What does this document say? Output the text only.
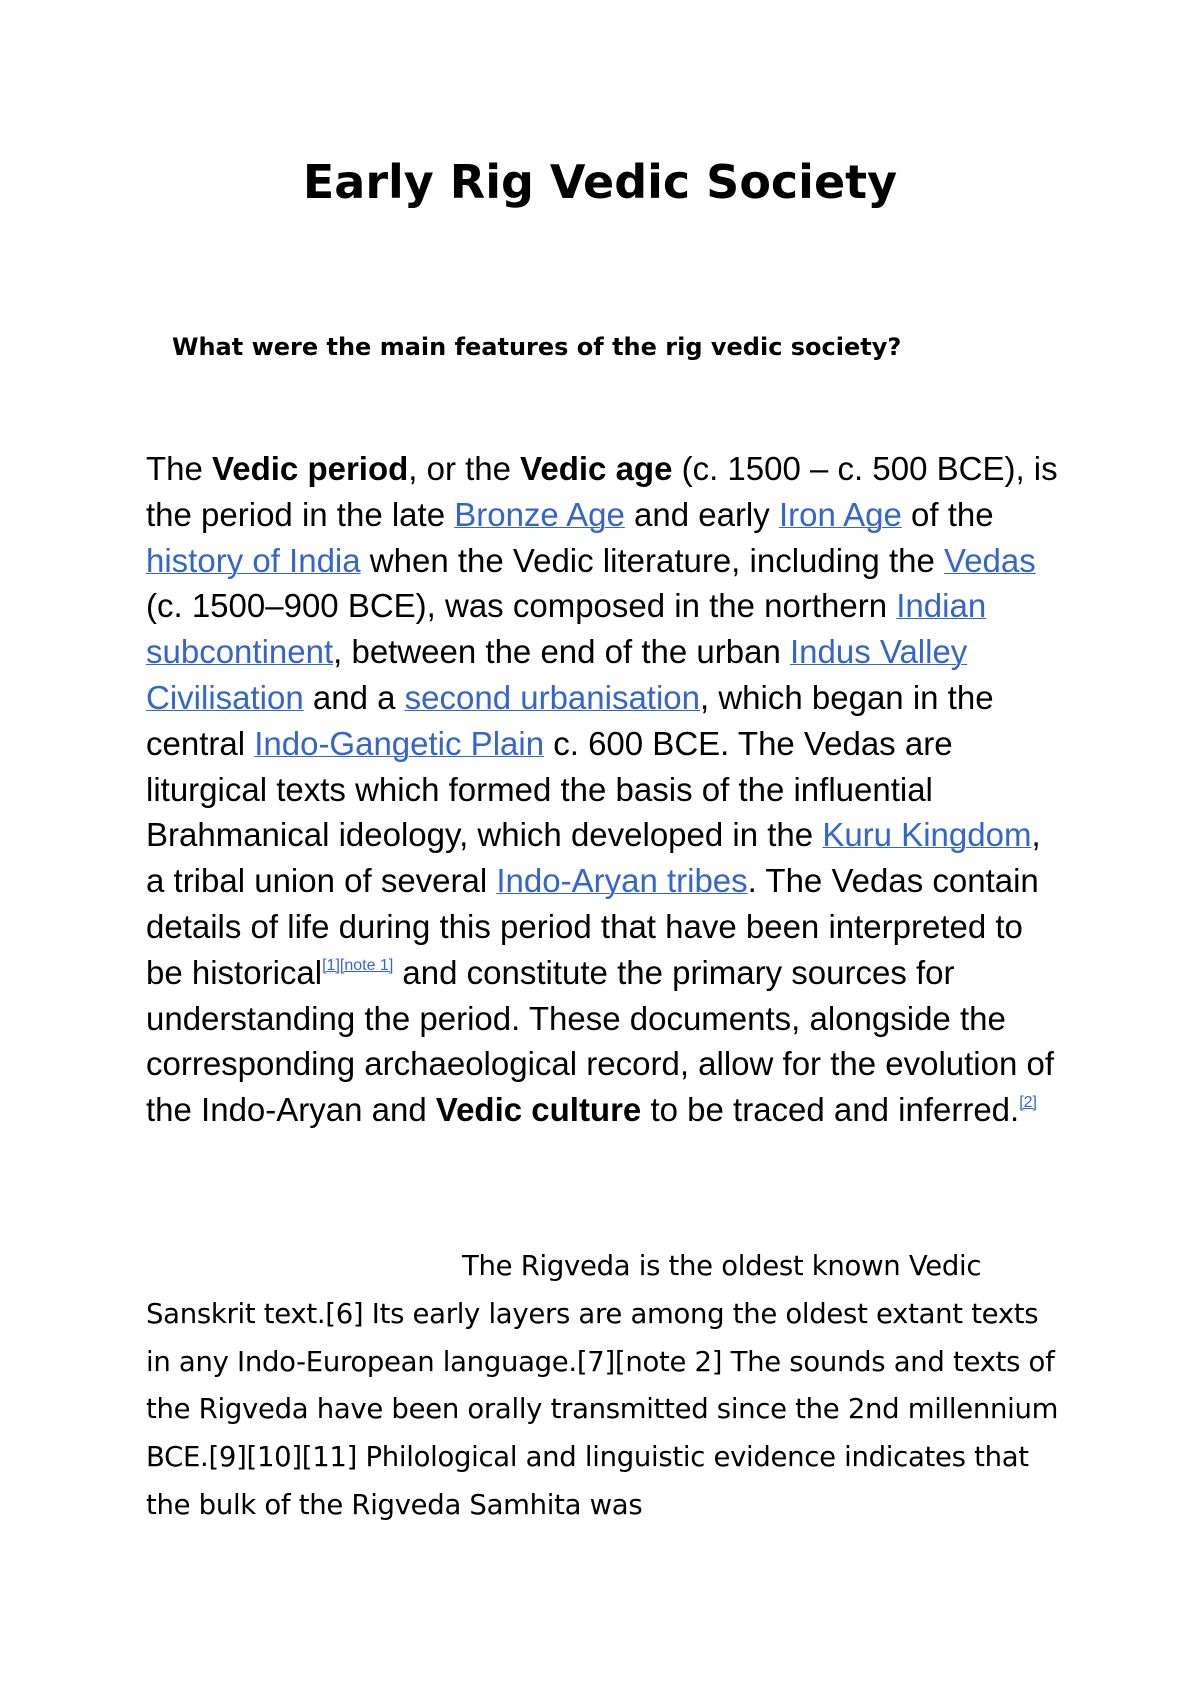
Early Rig Vedic Society

What were the main features of the rig vedic society?

The Vedic period, or the Vedic age (c. 1500 – c. 500 BCE), is the period in the late Bronze Age and early Iron Age of the history of India when the Vedic literature, including the Vedas (c. 1500–900 BCE), was composed in the northern Indian subcontinent, between the end of the urban Indus Valley Civilisation and a second urbanisation, which began in the central Indo-Gangetic Plain c. 600 BCE. The Vedas are liturgical texts which formed the basis of the influential Brahmanical ideology, which developed in the Kuru Kingdom, a tribal union of several Indo-Aryan tribes. The Vedas contain details of life during this period that have been interpreted to be historical[1][note 1] and constitute the primary sources for understanding the period. These documents, alongside the corresponding archaeological record, allow for the evolution of the Indo-Aryan and Vedic culture to be traced and inferred.[2]

The Rigveda is the oldest known Vedic Sanskrit text.[6] Its early layers are among the oldest extant texts in any Indo-European language.[7][note 2] The sounds and texts of the Rigveda have been orally transmitted since the 2nd millennium BCE.[9][10][11] Philological and linguistic evidence indicates that the bulk of the Rigveda Samhita was
